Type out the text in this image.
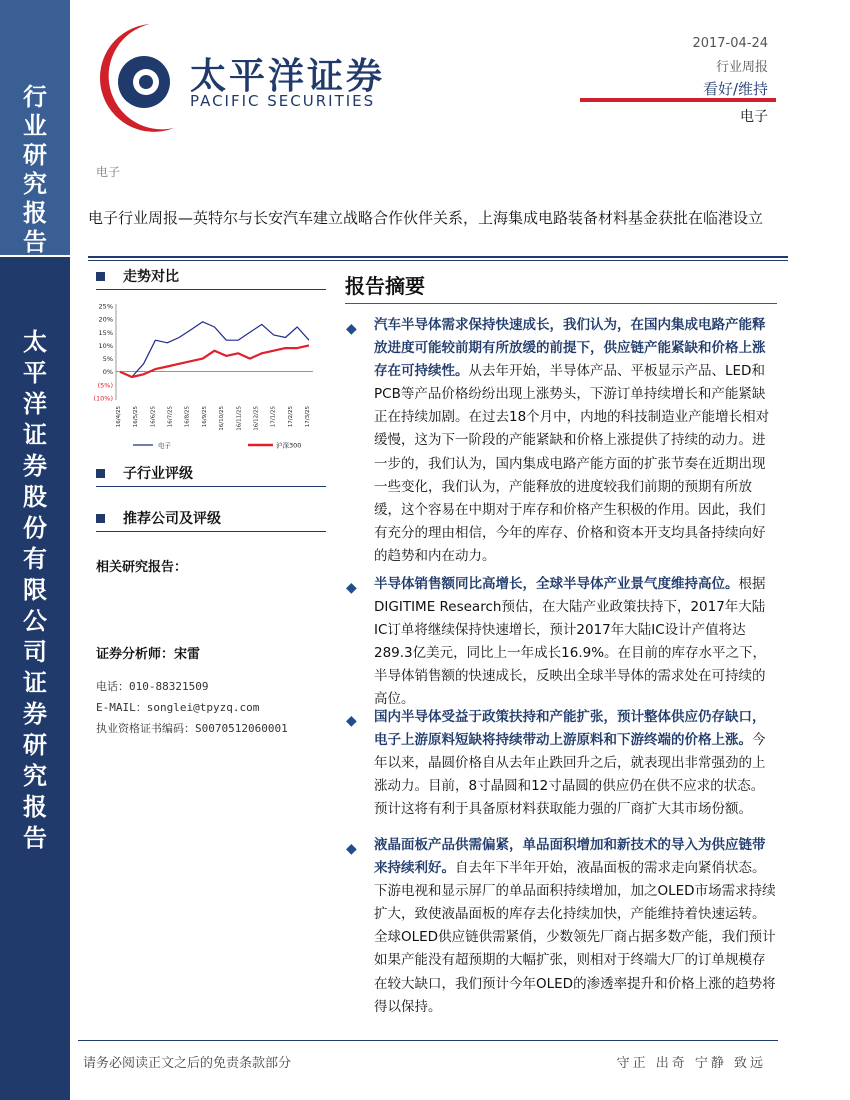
行
业
研
究
报
告
太
平
洋
证
券
股
份
有
限
公
司
证
券
研
究
报
告
太平洋证券
PACIFIC SECURITIES
2017-04-24
行业周报
看好/维持
电子
电子
电子行业周报—英特尔与长安汽车建立战略合作伙伴关系，上海集成电路装备材料基金获批在临港设立
走势对比
25%
20%
15%
10%
5%
0%
(5%)
(10%)
16/4/25 16/5/25 16/6/25 16/7/25 16/8/25 16/9/25 16/10/25 16/11/25 16/12/25 17/1/25 17/2/25 17/3/25
电子	沪深300
子行业评级
推荐公司及评级
相关研究报告：
证券分析师：宋雷
电话：010-88321509
E-MAIL：songlei@tpyzq.com
执业资格证书编码：S0070512060001
报告摘要
◆	汽车半导体需求保持快速成长，我们认为，在国内集成电路产能释放进度可能较前期有所放缓的前提下，供应链产能紧缺和价格上涨存在可持续性。从去年开始，半导体产品、平板显示产品、LED和PCB等产品价格纷纷出现上涨势头，下游订单持续增长和产能紧缺正在持续加剧。在过去18个月中，内地的科技制造业产能增长相对缓慢，这为下一阶段的产能紧缺和价格上涨提供了持续的动力。进一步的，我们认为，国内集成电路产能方面的扩张节奏在近期出现一些变化，我们认为，产能释放的进度较我们前期的预期有所放缓，这个容易在中期对于库存和价格产生积极的作用。因此，我们有充分的理由相信，今年的库存、价格和资本开支均具备持续向好的趋势和内在动力。
◆	半导体销售额同比高增长，全球半导体产业景气度维持高位。根据DIGITIME Research预估，在大陆产业政策扶持下，2017年大陆IC订单将继续保持快速增长，预计2017年大陆IC设计产值将达289.3亿美元，同比上一年成长16.9%。在目前的库存水平之下，半导体销售额的快速成长，反映出全球半导体的需求处在可持续的高位。
◆	国内半导体受益于政策扶持和产能扩张，预计整体供应仍存缺口，电子上游原料短缺将持续带动上游原料和下游终端的价格上涨。今年以来，晶圆价格自从去年止跌回升之后，就表现出非常强劲的上涨动力。目前，8寸晶圆和12寸晶圆的供应仍在供不应求的状态。预计这将有利于具备原材料获取能力强的厂商扩大其市场份额。
◆	液晶面板产品供需偏紧，单品面积增加和新技术的导入为供应链带来持续利好。自去年下半年开始，液晶面板的需求走向紧俏状态。下游电视和显示屏厂的单品面积持续增加，加之OLED市场需求持续扩大，致使液晶面板的库存去化持续加快，产能维持着快速运转。全球OLED供应链供需紧俏，少数领先厂商占据多数产能，我们预计如果产能没有超预期的大幅扩张，则相对于终端大厂的订单规模存在较大缺口，我们预计今年OLED的渗透率提升和价格上涨的趋势将得以保持。
请务必阅读正文之后的免责条款部分	守正 出奇 宁静 致远
